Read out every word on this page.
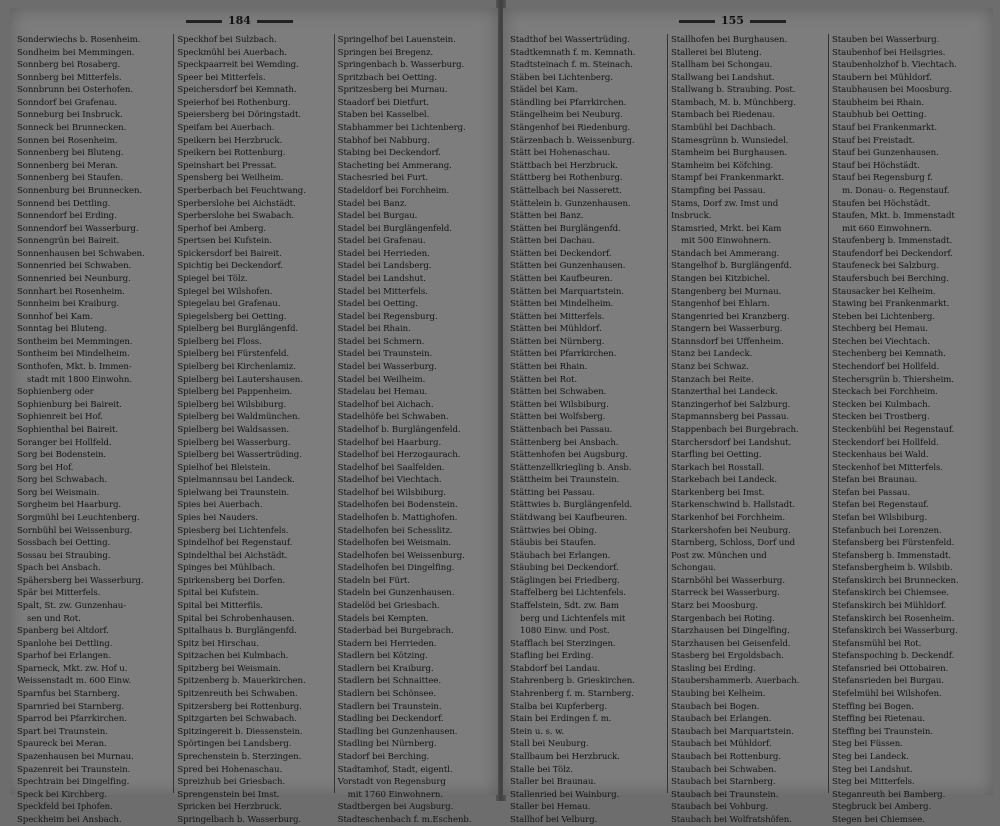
184

Sonderwiechs b. Rosenheim.

Sondheim bei Memmingen.

Sonnberg bei Rosaberg.

Sonnberg bei Mitterfels.

Sonnbrunn bei Osterhofen.

Sonndorf bei Grafenau.

Sonneburg bei Insbruck.

Sonneck bei Brunnecken.

Sonnen bei Rosenheim.

Sonnenberg bei Bluteng.

Sonnenberg bei Meran.

Sonnenberg bei Staufen.

Sonnenburg bei Brunnecken.

Sonnend bei Dettling.

Sonnendorf bei Erding.

Sonnendorf bei Wasserburg.

Sonnengrün bei Baireit.

Sonnenhausen bei Schwaben.

Sonnenried bei Schwaben.

Sonnenried bei Neunburg.

Sonnhart bei Rosenheim.

Sonnheim bei Kraiburg.

Sonnhof bei Kam.

Sonntag bei Bluteng.

Sontheim bei Memmingen.

Sontheim bei Mindelheim.

Sonthofen, Mkt. b. Immen-

stadt mit 1800 Einwohn.

Sophienberg oder

Sophienburg bei Baireit.

Sophienreit bei Hof.

Sophienthal bei Baireit.

Soranger bei Hollfeld.

Sorg bei Bodenstein.

Sorg bei Hof.

Sorg bei Schwabach.

Sorg bei Weismain.

Sorgheim bei Haarburg.

Sorgmühl bei Leuchtenberg.

Sornbühl bei Weissenburg.

Sossbach bei Oetting.

Sossau bei Straubing.

Spach bei Ansbach.

Spähersberg bei Wasserburg.

Spär bei Mitterfels.

Spalt, St. zw. Gunzenhau-

sen und Rot.

Spanberg bei Altdorf.

Spanlohe bei Dettling.

Sparhof bei Erlangen.

Sparneck, Mkt. zw. Hof u.

Weissenstadt m. 600 Einw.

Sparnfus bei Starnberg.

Sparnried bei Starnberg.

Sparrod bei Pfarrkirchen.

Spart bei Traunstein.

Spaureck bei Meran.

Spazenhausen bei Murnau.

Spazenreit bei Traunstein.

Spechtrain bei Dingelfing.

Speck bei Kirchberg.

Speckfeld bei Iphofen.

Speckheim bei Ansbach.

Speckhof bei Sulzbach.

Speckmühl bei Auerbach.

Speckpaarreit bei Wemding.

Speer bei Mitterfels.

Speichersdorf bei Kemnath.

Speierhof bei Rothenburg.

Speiersberg bei Döringstadt.

Speifam bei Auerbach.

Speikern bei Herzbruck.

Speikern bei Rottenburg.

Speinshart bei Pressat.

Spensberg bei Weilheim.

Sperberbach bei Feuchtwang.

Sperberslohe bei Aichstädt.

Sperberslohe bei Swabach.

Sperhof bei Amberg.

Spertsen bei Kufstein.

Spickersdorf bei Baireit.

Spichtig bei Deckendorf.

Spiegel bei Tölz.

Spiegel bei Wilshofen.

Spiegelau bei Grafenau.

Spiegelsberg bei Oetting.

Spielberg bei Burglängenfd.

Spielberg bei Floss.

Spielberg bei Fürstenfeld.

Spielberg bei Kirchenlamiz.

Spielberg bei Lautershausen.

Spielberg bei Pappenheim.

Spielberg bei Wilsbiburg.

Spielberg bei Waldmünchen.

Spielberg bei Waldsassen.

Spielberg bei Wasserburg.

Spielberg bei Wassertrüding.

Spielhof bei Bleistein.

Spielmannsau bei Landeck.

Spielwang bei Traunstein.

Spies bei Auerbach.

Spies bei Nauders.

Spiesberg bei Lichtenfels.

Spindelhof bei Regenstauf.

Spindelthal bei Aichstädt.

Spinges bei Mühlbach.

Spirkensberg bei Dorfen.

Spital bei Kufstein.

Spital bei Mitterfils.

Spital bei Schrobenhausen.

Spitalhaus b. Burglängenfd.

Spitz bei Hirschau.

Spitzachen bei Kulmbach.

Spitzberg bei Weismain.

Spitzenberg b. Mauerkirchen.

Spitzenreuth bei Schwaben.

Spitzersberg bei Rottenburg.

Spitzgarten bei Schwabach.

Spitzingereit b. Diessenstein.

Spörtingen bei Landsberg.

Sprechenstein b. Sterzingen.

Spred bei Hohenaschau.

Spreizhub bei Griesbach.

Sprengenstein bei Imst.

Spricken bei Herzbruck.

Springelbach b. Wasserburg.

Springelhof bei Lauenstein.

Springen bei Bregenz.

Springenbach b. Wasserburg.

Spritzbach bei Oetting.

Spritzesberg bei Murnau.

Staadorf bei Dietfurt.

Staben bei Kasselbel.

Stabhammer bei Lichtenberg.

Stabhof bei Nabburg.

Stabing bei Deckendorf.

Stacheting bei Ammerang.

Stachesried bei Furt.

Stadeldorf bei Forchheim.

Stadel bei Banz.

Stadel bei Burgau.

Stadel bei Burglängenfeld.

Stadel bei Grafenau.

Stadel bei Herrieden.

Stadel bei Landsberg.

Stadel bei Landshut.

Stadel bei Mitterfels.

Stadel bei Oetting.

Stadel bei Regensburg.

Stadel bei Rhain.

Stadel bei Schmern.

Stadel bei Traunstein.

Stadel bei Wasserburg.

Stadel bei Weilheim.

Stadelau bei Hemau.

Stadelhof bei Aichach.

Stadelhöfe bei Schwaben.

Stadelhof b. Burglängenfeld.

Stadelhof bei Haarburg.

Stadelhof bei Herzogaurach.

Stadelhof bei Saalfelden.

Stadelhof bei Viechtach.

Stadelhof bei Wilsbiburg.

Stadelhofen bei Bodenstein.

Stadelhofen b. Mattighofen.

Stadelhofen bei Schesslitz.

Stadelhofen bei Weismain.

Stadelhofen bei Weissenburg.

Stadelhofen bei Dingelfing.

Stadeln bei Fürt.

Stadeln bei Gunzenhausen.

Stadelöd bei Griesbach.

Stadels bei Kempten.

Staderbad bei Burgebrach.

Stadern bei Herrieden.

Stadlern bei Kötzing.

Stadlern bei Kraiburg.

Stadlern bei Schnaittee.

Stadlern bei Schönsee.

Stadlern bei Traunstein.

Stadling bei Deckendorf.

Stadling bei Gunzenhausen.

Stadling bei Nürnberg.

Stadorf bei Berching.

Stadtamhof, Stadt, eigentl.

Vorstadt von Regensburg

mit 1760 Einwohnern.

Stadtbergen bei Augsburg.

Stadteschenbach f. m.Eschenb.

155

Stadthof bei Wassertrüding.

Stadtkemnath f. m. Kemnath.

Stadtsteinach f. m. Steinach.

Stäben bei Lichtenberg.

Städel bei Kam.

Ständling bei Pfarrkirchen.

Stängelheim bei Neuburg.

Stängenhof bei Riedenburg.

Stärzenbach b. Weissenburg.

Stätt bei Hohenaschau.

Stättbach bei Herzbruck.

Stättberg bei Rothenburg.

Stättelbach bei Nasserett.

Stättelein b. Gunzenhausen.

Stätten bei Banz.

Stätten bei Burglängenfd.

Stätten bei Dachau.

Stätten bei Deckendorf.

Stätten bei Gunzenhausen.

Stätten bei Kaufbeuren.

Stätten bei Marquartstein.

Stätten bei Mindelheim.

Stätten bei Mitterfels.

Stätten bei Mühldorf.

Stätten bei Nürnberg.

Stätten bei Pfarrkirchen.

Stätten bei Rhain.

Stätten bei Rot.

Stätten bei Schwaben.

Stätten bei Wilsbiburg.

Stätten bei Wolfsberg.

Stättenbach bei Passau.

Stättenberg bei Ansbach.

Stättenhofen bei Augsburg.

Stättenzellkriegling b. Ansb.

Stättheim bei Traunstein.

Stätting bei Passau.

Stättwies b. Burglängenfeld.

Stätdwang bei Kaufbeuren.

Stättwies bei Obing.

Stäubis bei Staufen.

Stäubach bei Erlangen.

Stäubing bei Deckendorf.

Stäglingen bei Friedberg.

Staffelberg bei Lichtenfels.

Staffelstein, Sdt. zw. Bam

berg und Lichtenfels mit

1080 Einw. und Post.

Stafflach bei Sterzingen.

Stafling bei Erding.

Stabdorf bei Landau.

Stahrenberg b. Grieskirchen.

Stahrenberg f. m. Starnberg.

Stalba bei Kupferberg.

Stain bei Erdingen f. m.

Stein u. s. w.

Stall bei Neuburg.

Stallbaum bei Herzbruck.

Stalle bei Tölz.

Staller bei Braunau.

Stallenried bei Wainburg.

Staller bei Hemau.

Stallhof bei Velburg.

Stallhofen bei Burghausen.

Stallerei bei Bluteng.

Stallham bei Schongau.

Stallwang bei Landshut.

Stallwang b. Straubing. Post.

Stambach, M. b. Münchberg.

Stambach bei Riedenau.

Stambühl bei Dachbach.

Stamesgrünn b. Wunsiedel.

Stamheim bei Burghausen.

Stamheim bei Köfching.

Stampf bei Frankenmarkt.

Stampfing bei Passau.

Stams, Dorf zw. Imst und

Insbruck.

Stamsried, Mrkt. bei Kam

mit 500 Einwohnern.

Standach bei Ammerang.

Stangelhof b. Burglängenfd.

Stangen bei Kitzbichel.

Stangenberg bei Murnau.

Stangenhof bei Ehlarn.

Stangenried bei Kranzberg.

Stangern bei Wasserburg.

Stannsdorf bei Uffenheim.

Stanz bei Landeck.

Stanz bei Schwaz.

Stanzach bei Reite.

Stanzerthal bei Landeck.

Stanzingerhof bei Salzburg.

Stapmannsberg bei Passau.

Stappenbach bei Burgebrach.

Starchersdorf bei Landshut.

Starfling bei Oetting.

Starkach bei Rosstall.

Starkebach bei Landeck.

Starkenberg bei Imst.

Starkenschwind b. Hallstadt.

Starkenhof bei Forchheim.

Starkershofen bei Neuburg.

Starnberg, Schloss, Dorf und

Post zw. München und

Schongau.

Starnböhl bei Wasserburg.

Starreck bei Wasserburg.

Starz bei Moosburg.

Stargenbach bei Roting.

Starzhausen bei Dingelfing.

Starzhausen bei Geisenfeld.

Stasberg bei Ergoldsbach.

Stasling bei Erding.

Staubershammerb. Auerbach.

Staubing bei Kelheim.

Staubach bei Bogen.

Staubach bei Erlangen.

Staubach bei Marquartstein.

Staubach bei Mühldorf.

Staubach bei Rottenburg.

Staubach bei Schwaben.

Staubach bei Starnberg.

Staubach bei Traunstein.

Staubach bei Vohburg.

Staubach bei Wolfratshöfen.

Stauben bei Wasserburg.

Staubenhof bei Heilsgries.

Staubenholzhof b. Viechtach.

Staubern bei Mühldorf.

Staubhausen bei Moosburg.

Staubheim bei Rhain.

Staubhub bei Oetting.

Stauf bei Frankenmarkt.

Stauf bei Freistadt.

Stauf bei Gunzenhausen.

Stauf bei Höchstädt.

Stauf bei Regensburg f.

m. Donau- o. Regenstauf.

Staufen bei Höchstädt.

Staufen, Mkt. b. Immenstadt

mit 660 Einwohnern.

Staufenberg b. Immenstadt.

Staufendorf bei Deckendorf.

Staufeneck bei Salzburg.

Staufersbuch bei Berching.

Stausacker bei Kelheim.

Stawing bei Frankenmarkt.

Steben bei Lichtenberg.

Stechberg bei Hemau.

Stechen bei Viechtach.

Stechenberg bei Kemnath.

Stechendorf bei Hollfeld.

Stechersgrün b. Thiersheim.

Steckach bei Forchheim.

Stecken bei Kulmbach.

Stecken bei Trostberg.

Steckenbühl bei Regenstauf.

Steckendorf bei Hollfeld.

Steckenhaus bei Wald.

Steckenhof bei Mitterfels.

Stefan bei Braunau.

Stefan bei Passau.

Stefan bei Regenstauf.

Stefan bei Wilsbiburg.

Stefanbuch bei Lorenzen.

Stefansberg bei Fürstenfeld.

Stefansberg b. Immenstadt.

Stefansbergheim b. Wilsbib.

Stefanskirch bei Brunnecken.

Stefanskirch bei Chiemsee.

Stefanskirch bei Mühldorf.

Stefanskirch bei Rosenheim.

Stefanskirch bei Wasserburg.

Stefansmühl bei Rot.

Stefanspoching b. Deckendf.

Stefansried bei Ottobairen.

Stefansrieden bei Burgau.

Stefelmühl bei Wilshofen.

Steffing bei Bogen.

Steffing bei Rietenau.

Steffing bei Traunstein.

Steg bei Füssen.

Steg bei Landeck.

Steg bei Landshut.

Steg bei Mitterfels.

Steganreuth bei Bamberg.

Stegbruck bei Amberg.

Stegen bei Chiemsee.
